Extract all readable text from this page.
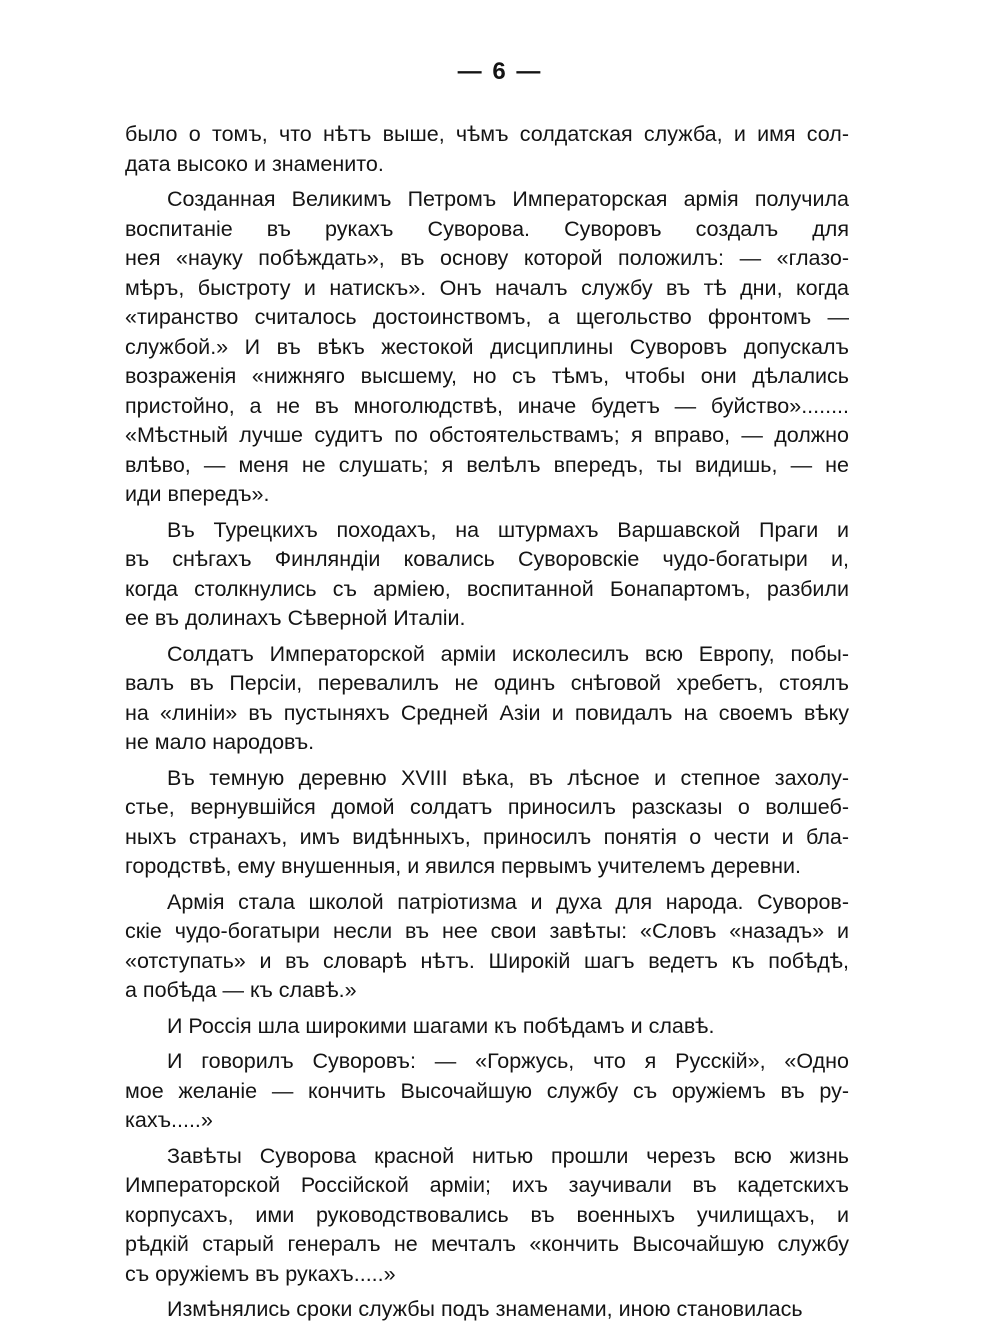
— 6 —
было о томъ, что нѣтъ выше, чѣмъ солдатская служба, и имя сол-
дата высоко и знаменито.
Созданная Великимъ Петромъ Императорская армія получила
воспитаніе въ рукахъ Суворова. Суворовъ создалъ для
нея «науку побѣждать», въ основу которой положилъ: — «глазо-
мѣръ, быстроту и натискъ». Онъ началъ службу въ тѣ дни, когда
«тиранство считалось достоинствомъ, а щегольство фронтомъ —
службой.» И въ вѣкъ жестокой дисциплины Суворовъ допускалъ
возраженія «нижняго высшему, но съ тѣмъ, чтобы они дѣлались
пристойно, а не въ многолюдствѣ, иначе будетъ — буйство»........
«Мѣстный лучше судитъ по обстоятельствамъ; я вправо, — должно
влѣво, — меня не слушать; я велѣлъ впередъ, ты видишь, — не
иди впередъ».
Въ Турецкихъ походахъ, на штурмахъ Варшавской Праги и
въ снѣгахъ Финляндіи ковались Суворовскіе чудо-богатыри и,
когда столкнулись съ арміею, воспитанной Бонапартомъ, разбили
ее въ долинахъ Сѣверной Италіи.
Солдатъ Императорской арміи исколесилъ всю Европу, побы-
валъ въ Персіи, перевалилъ не одинъ снѣговой хребетъ, стоялъ
на «линіи» въ пустыняхъ Средней Азіи и повидалъ на своемъ вѣку
не мало народовъ.
Въ темную деревню XVIII вѣка, въ лѣсное и степное захолу-
стье, вернувшійся домой солдатъ приносилъ разсказы о волшеб-
ныхъ странахъ, имъ видѣнныхъ, приносилъ понятія о чести и бла-
городствѣ, ему внушенныя, и явился первымъ учителемъ деревни.
Армія стала школой патріотизма и духа для народа. Суворов-
скіе чудо-богатыри несли въ нее свои завѣты: «Словъ «назадъ» и
«отступать» и въ словарѣ нѣтъ. Широкій шагъ ведетъ къ побѣдѣ,
а побѣда — къ славѣ.»
И Россія шла широкими шагами къ побѣдамъ и славѣ.
И говорилъ Суворовъ: — «Горжусь, что я Русскій», «Одно
мое желаніе — кончить Высочайшую службу съ оружіемъ въ ру-
кахъ.....»
Завѣты Суворова красной нитью прошли черезъ всю жизнь
Императорской Россійской арміи; ихъ заучивали въ кадетскихъ
корпусахъ, ими руководствовались въ военныхъ училищахъ, и
рѣдкій старый генералъ не мечталъ «кончить Высочайшую службу
съ оружіемъ въ рукахъ.....»
Измѣнялись сроки службы подъ знаменами, иною становилась
